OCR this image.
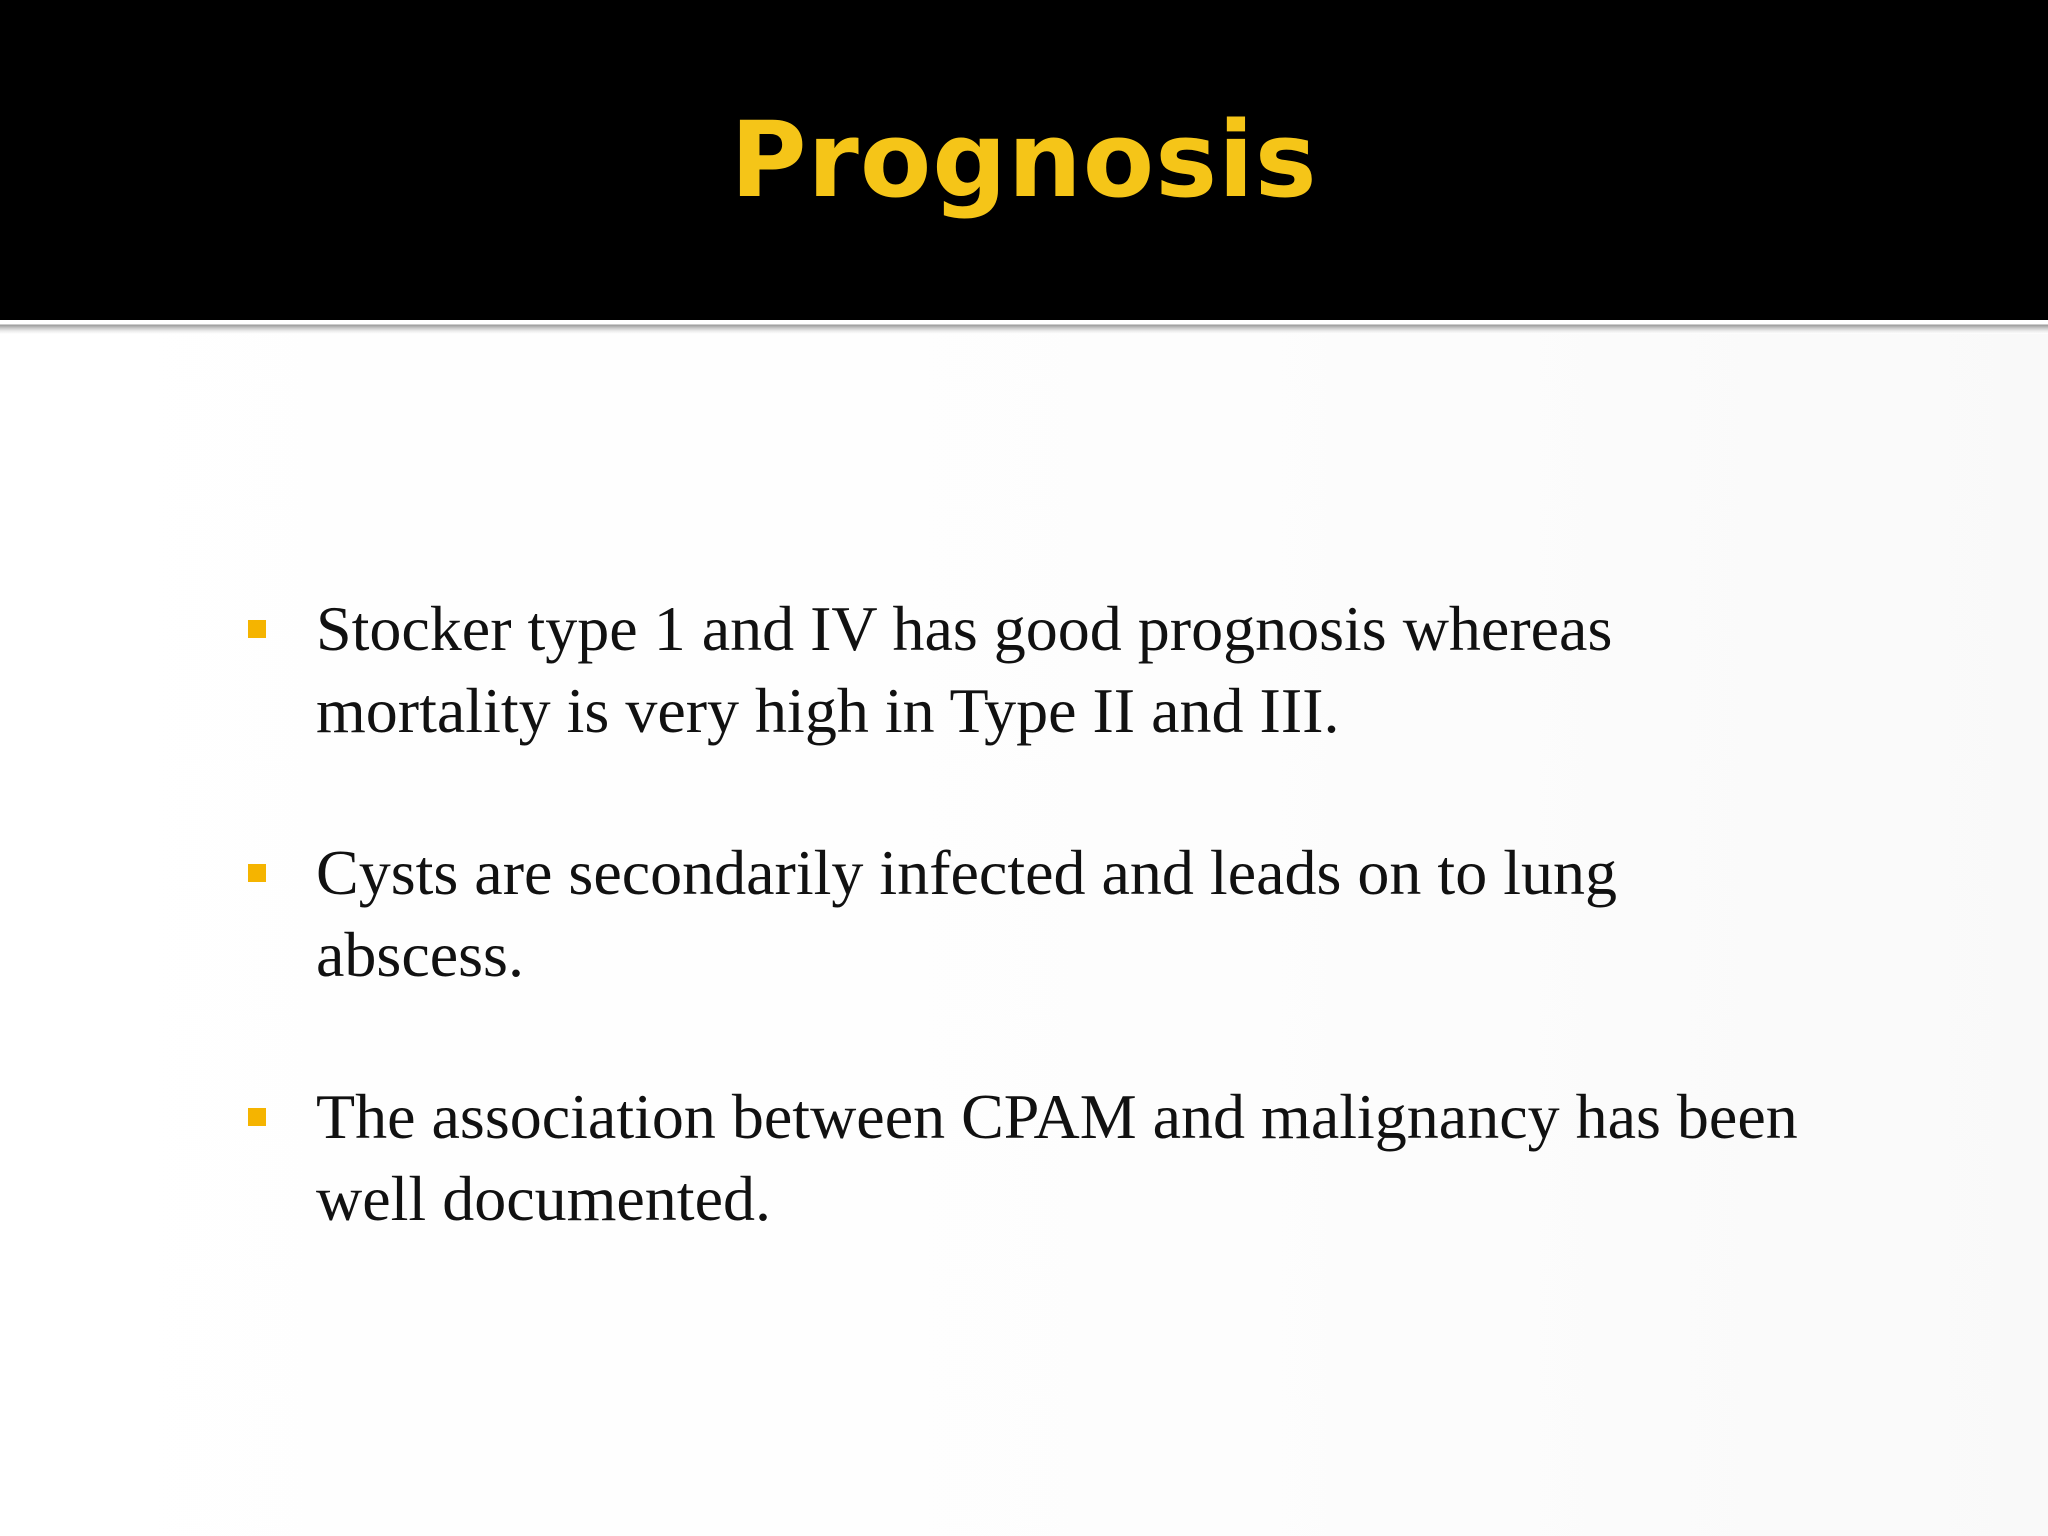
Prognosis
Stocker type 1 and IV has good prognosis whereas mortality is very high in Type II and III.
Cysts are secondarily infected and leads on to lung abscess.
The association between CPAM and malignancy has been well documented.
